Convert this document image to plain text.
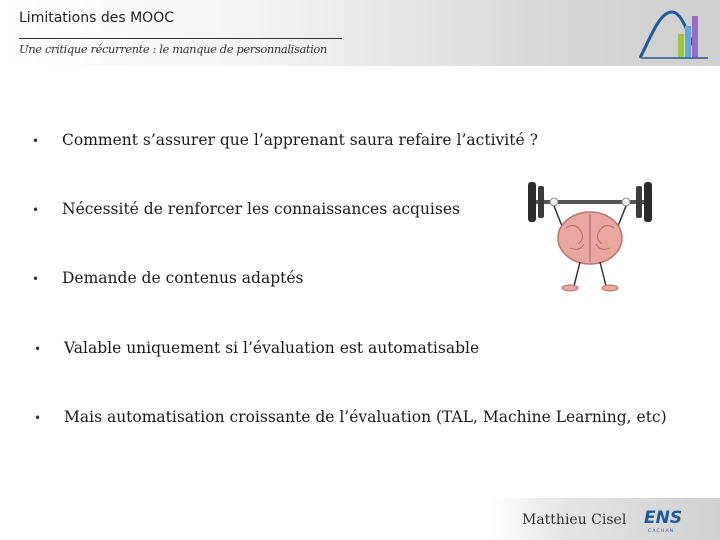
Limitations des MOOC
Une critique récurrente : le manque de personnalisation
•	Comment s’assurer que l’apprenant saura refaire l’activité ?
•	Nécessité de renforcer les connaissances acquises
•	Demande de contenus adaptés
•	Valable uniquement si l’évaluation est automatisable
•	Mais automatisation croissante de l’évaluation (TAL, Machine Learning, etc)
Matthieu Cisel ENS
CACHAN
